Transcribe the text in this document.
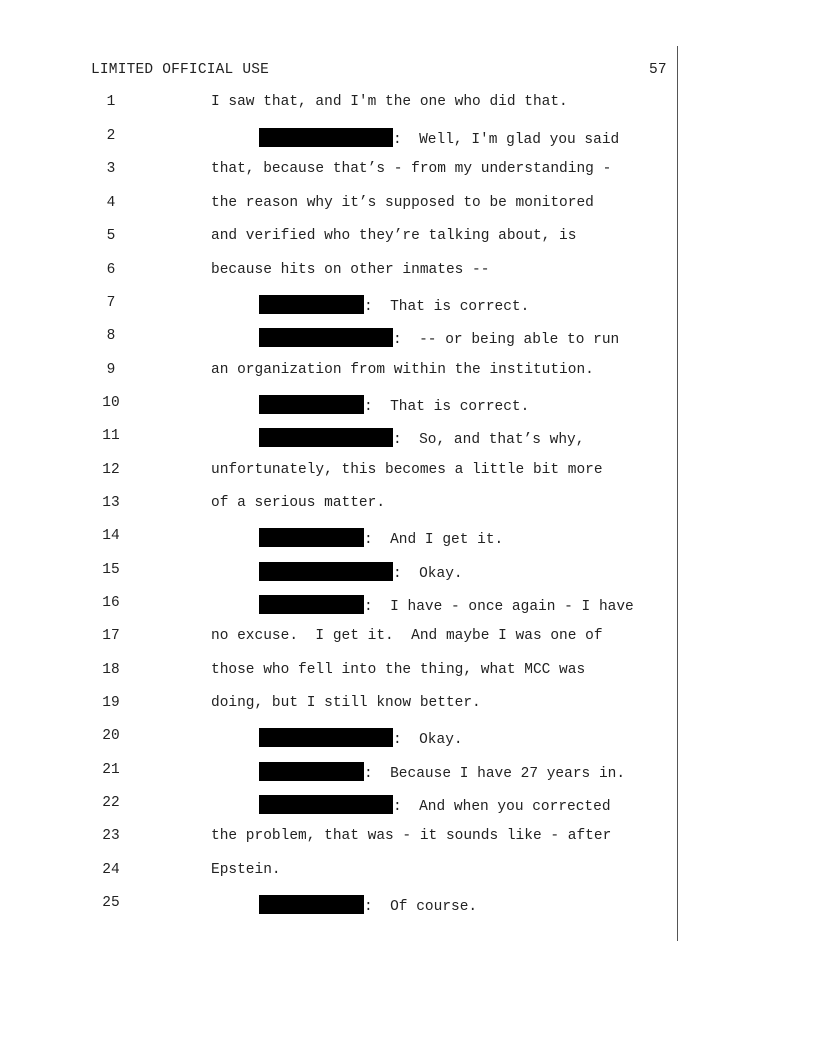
LIMITED OFFICIAL USE	57
1	I saw that, and I'm the one who did that.
2	:  Well, I'm glad you said
3	that, because that’s - from my understanding -
4	the reason why it’s supposed to be monitored
5	and verified who they’re talking about, is
6	because hits on other inmates --
7	:  That is correct.
8	:  -- or being able to run
9	an organization from within the institution.
10	:  That is correct.
11	:  So, and that’s why,
12	unfortunately, this becomes a little bit more
13	of a serious matter.
14	:  And I get it.
15	:  Okay.
16	:  I have - once again - I have
17	no excuse.  I get it.  And maybe I was one of
18	those who fell into the thing, what MCC was
19	doing, but I still know better.
20	:  Okay.
21	:  Because I have 27 years in.
22	:  And when you corrected
23	the problem, that was - it sounds like - after
24	Epstein.
25	:  Of course.
